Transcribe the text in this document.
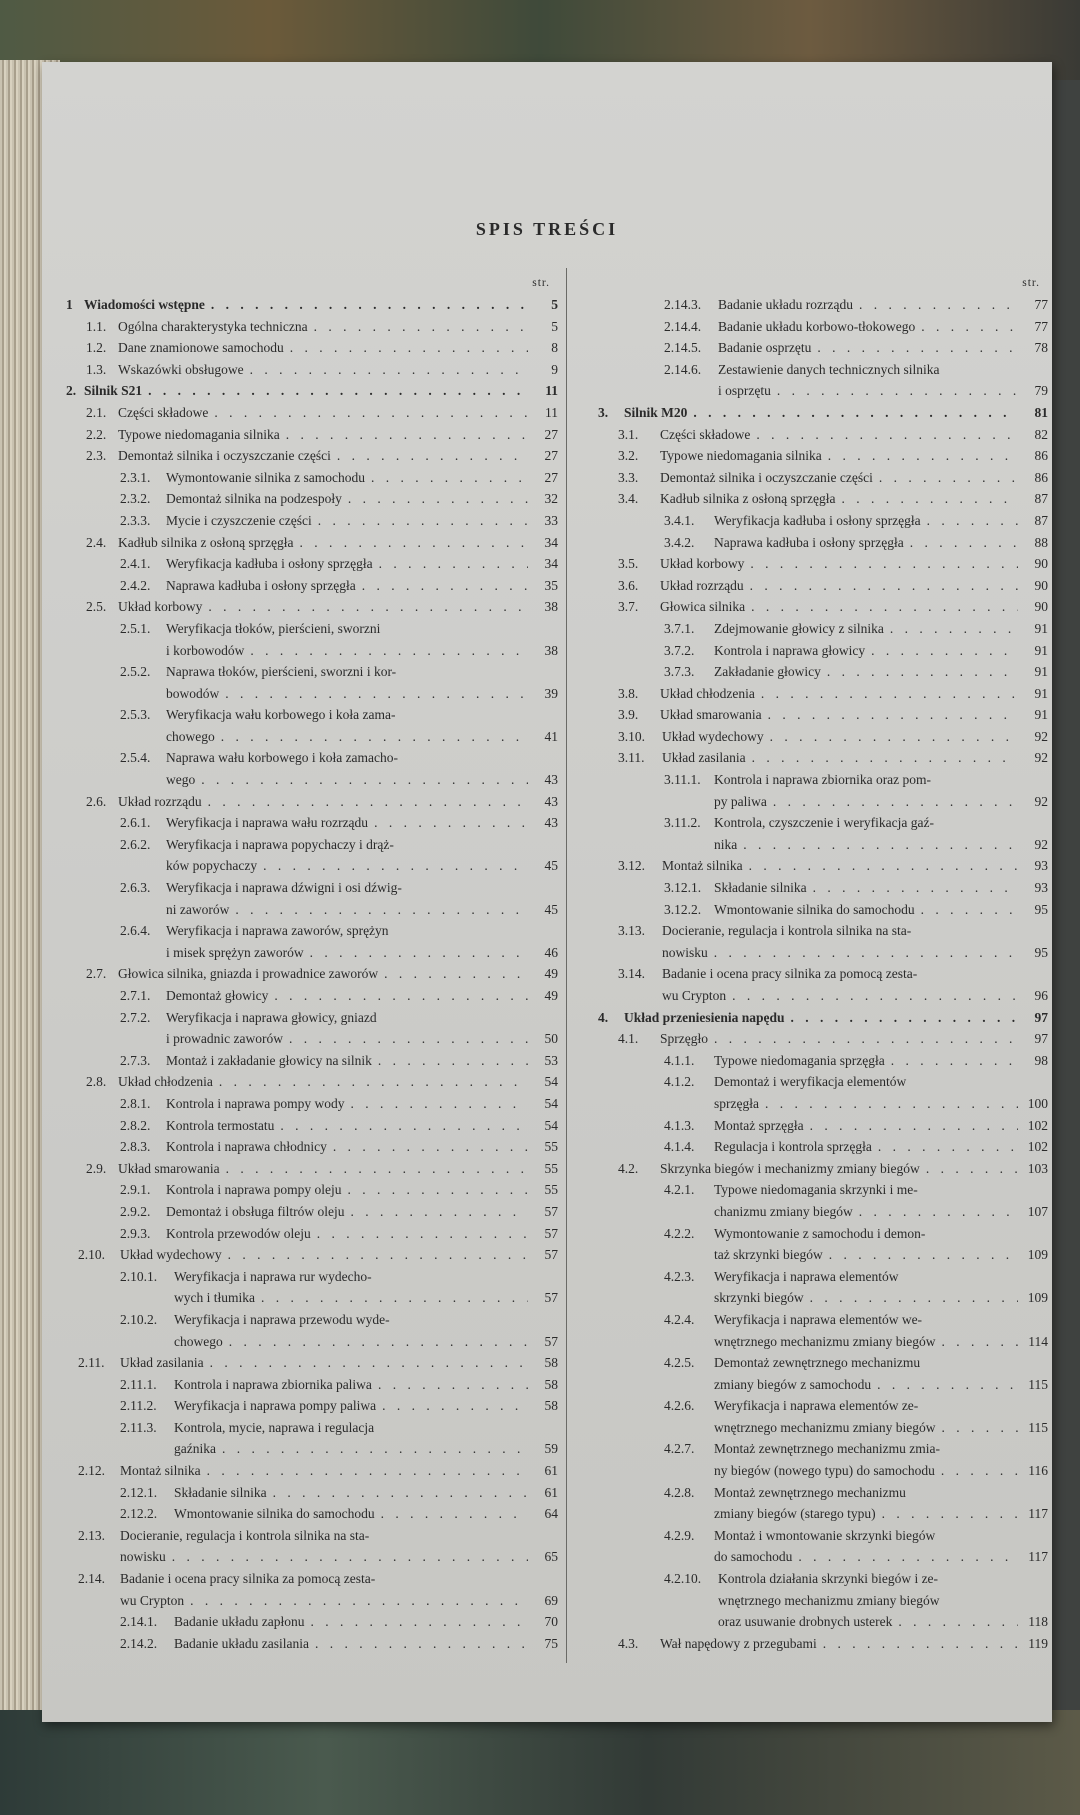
SPIS TREŚCI
str.
1 Wiadomości wstępne . . .	5
1.1. Ogólna charakterystyka techniczna . . .	5
1.2. Dane znamionowe samochodu . . .	8
1.3. Wskazówki obsługowe . . .	9
2. Silnik S21 . . .	11
2.1. Części składowe . . .	11
2.2. Typowe niedomagania silnika . . .	27
2.3. Demontaż silnika i oczyszczanie części . . .	27
2.3.1. Wymontowanie silnika z samochodu . . .	27
2.3.2. Demontaż silnika na podzespoły . . .	32
2.3.3. Mycie i czyszczenie części . . .	33
2.4. Kadłub silnika z osłoną sprzęgła . . .	34
2.4.1. Weryfikacja kadłuba i osłony sprzęgła . . .	34
2.4.2. Naprawa kadłuba i osłony sprzęgła . . .	35
2.5. Układ korbowy . . .	38
2.5.1. Weryfikacja tłoków, pierścieni, sworzni
i korbowodów . . .	38
2.5.2. Naprawa tłoków, pierścieni, sworzni i kor-
bowodów . . .	39
2.5.3. Weryfikacja wału korbowego i koła zama-
chowego . . .	41
2.5.4. Naprawa wału korbowego i koła zamacho-
wego . . .	43
2.6. Układ rozrządu . . .	43
2.6.1. Weryfikacja i naprawa wału rozrządu . . .	43
2.6.2. Weryfikacja i naprawa popychaczy i drąż-
ków popychaczy . . .	45
2.6.3. Weryfikacja i naprawa dźwigni i osi dźwig-
ni zaworów . . .	45
2.6.4. Weryfikacja i naprawa zaworów, sprężyn
i misek sprężyn zaworów . . .	46
2.7. Głowica silnika, gniazda i prowadnice zaworów . . .	49
2.7.1. Demontaż głowicy . . .	49
2.7.2. Weryfikacja i naprawa głowicy, gniazd
i prowadnic zaworów . . .	50
2.7.3. Montaż i zakładanie głowicy na silnik . . .	53
2.8. Układ chłodzenia . . .	54
2.8.1. Kontrola i naprawa pompy wody . . .	54
2.8.2. Kontrola termostatu . . .	54
2.8.3. Kontrola i naprawa chłodnicy . . .	55
2.9. Układ smarowania . . .	55
2.9.1. Kontrola i naprawa pompy oleju . . .	55
2.9.2. Demontaż i obsługa filtrów oleju . . .	57
2.9.3. Kontrola przewodów oleju . . .	57
2.10. Układ wydechowy . . .	57
2.10.1. Weryfikacja i naprawa rur wydecho-
wych i tłumika . . .	57
2.10.2. Weryfikacja i naprawa przewodu wyde-
chowego . . .	57
2.11. Układ zasilania . . .	58
2.11.1. Kontrola i naprawa zbiornika paliwa . . .	58
2.11.2. Weryfikacja i naprawa pompy paliwa . . .	58
2.11.3. Kontrola, mycie, naprawa i regulacja
gaźnika . . .	59
2.12. Montaż silnika . . .	61
2.12.1. Składanie silnika . . .	61
2.12.2. Wmontowanie silnika do samochodu . . .	64
2.13. Docieranie, regulacja i kontrola silnika na sta-
nowisku . . .	65
2.14. Badanie i ocena pracy silnika za pomocą zesta-
wu Crypton . . .	69
2.14.1. Badanie układu zapłonu . . .	70
2.14.2. Badanie układu zasilania . . .	75
str.
2.14.3. Badanie układu rozrządu . . .	77
2.14.4. Badanie układu korbowo-tłokowego . . .	77
2.14.5. Badanie osprzętu . . .	78
2.14.6. Zestawienie danych technicznych silnika
i osprzętu . . .	79
3. Silnik M20 . . .	81
3.1. Części składowe . . .	82
3.2. Typowe niedomagania silnika . . .	86
3.3. Demontaż silnika i oczyszczanie części . . .	86
3.4. Kadłub silnika z osłoną sprzęgła . . .	87
3.4.1. Weryfikacja kadłuba i osłony sprzęgła . . .	87
3.4.2. Naprawa kadłuba i osłony sprzęgła . . .	88
3.5. Układ korbowy . . .	90
3.6. Układ rozrządu . . .	90
3.7. Głowica silnika . . .	90
3.7.1. Zdejmowanie głowicy z silnika . . .	91
3.7.2. Kontrola i naprawa głowicy . . .	91
3.7.3. Zakładanie głowicy . . .	91
3.8. Układ chłodzenia . . .	91
3.9. Układ smarowania . . .	91
3.10. Układ wydechowy . . .	92
3.11. Układ zasilania . . .	92
3.11.1. Kontrola i naprawa zbiornika oraz pom-
py paliwa . . .	92
3.11.2. Kontrola, czyszczenie i weryfikacja gaź-
nika . . .	92
3.12. Montaż silnika . . .	93
3.12.1. Składanie silnika . . .	93
3.12.2. Wmontowanie silnika do samochodu . . .	95
3.13. Docieranie, regulacja i kontrola silnika na sta-
nowisku . . .	95
3.14. Badanie i ocena pracy silnika za pomocą zesta-
wu Crypton . . .	96
4. Układ przeniesienia napędu . . .	97
4.1. Sprzęgło . . .	97
4.1.1. Typowe niedomagania sprzęgła . . .	98
4.1.2. Demontaż i weryfikacja elementów
sprzęgła . . .	100
4.1.3. Montaż sprzęgła . . .	102
4.1.4. Regulacja i kontrola sprzęgła . . .	102
4.2. Skrzynka biegów i mechanizmy zmiany biegów . . .	103
4.2.1. Typowe niedomagania skrzynki i me-
chanizmu zmiany biegów . . .	107
4.2.2. Wymontowanie z samochodu i demon-
taż skrzynki biegów . . .	109
4.2.3. Weryfikacja i naprawa elementów
skrzynki biegów . . .	109
4.2.4. Weryfikacja i naprawa elementów we-
wnętrznego mechanizmu zmiany biegów . . .	114
4.2.5. Demontaż zewnętrznego mechanizmu
zmiany biegów z samochodu . . .	115
4.2.6. Weryfikacja i naprawa elementów ze-
wnętrznego mechanizmu zmiany biegów . . .	115
4.2.7. Montaż zewnętrznego mechanizmu zmia-
ny biegów (nowego typu) do samochodu . . .	116
4.2.8. Montaż zewnętrznego mechanizmu
zmiany biegów (starego typu) . . .	117
4.2.9. Montaż i wmontowanie skrzynki biegów
do samochodu . . .	117
4.2.10. Kontrola działania skrzynki biegów i ze-
wnętrznego mechanizmu zmiany biegów
oraz usuwanie drobnych usterek . . .	118
4.3. Wał napędowy z przegubami . . .	119
